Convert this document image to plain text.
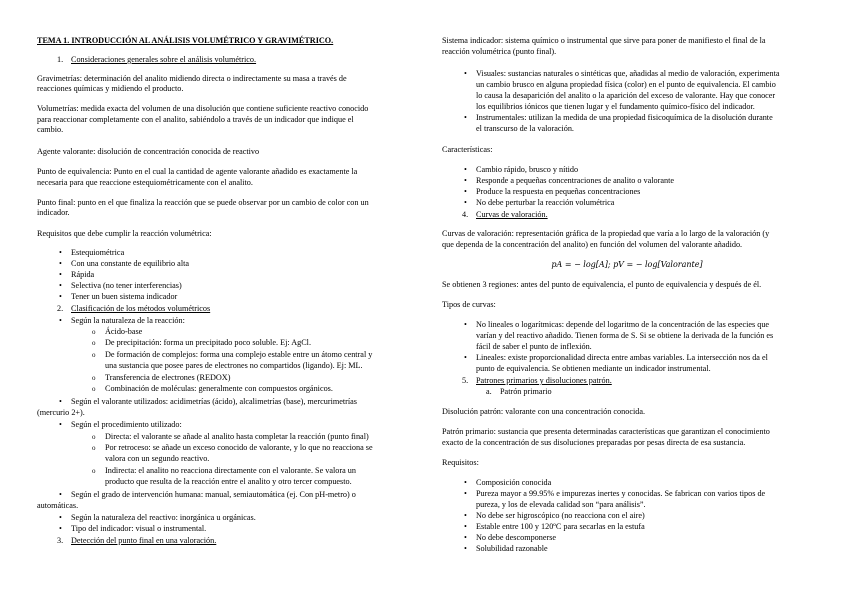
TEMA 1. INTRODUCCIÓN AL ANÁLISIS VOLUMÉTRICO Y GRAVIMÉTRICO.

1. Consideraciones generales sobre el análisis volumétrico.

Gravimetrías: determinación del analito midiendo directa o indirectamente su masa a través de

reacciones químicas y midiendo el producto.

Volumetrías: medida exacta del volumen de una disolución que contiene suficiente reactivo conocido

para reaccionar completamente con el analito, sabiéndolo a través de un indicador que indique el

cambio.

Agente valorante: disolución de concentración conocida de reactivo

Punto de equivalencia: Punto en el cual la cantidad de agente valorante añadido es exactamente la

necesaria para que reaccione estequiométricamente con el analito.

Punto final: punto en el que finaliza la reacción que se puede observar por un cambio de color con un

indicador.

Requisitos que debe cumplir la reacción volumétrica:

• Estequiométrica

• Con una constante de equilibrio alta

• Rápida

• Selectiva (no tener interferencias)

• Tener un buen sistema indicador

2. Clasificación de los métodos volumétricos

• Según la naturaleza de la reacción:

o Ácido-base

o De precipitación: forma un precipitado poco soluble. Ej: AgCl.

o De formación de complejos: forma una complejo estable entre un átomo central y

una sustancia que posee pares de electrones no compartidos (ligando). Ej: ML.

o Transferencia de electrones (REDOX)

o Combinación de moléculas: generalmente con compuestos orgánicos.

• Según el valorante utilizados: acidimetrías (ácido), alcalimetrías (base), mercurimetrías

(mercurio 2+).

• Según el procedimiento utilizado:

o Directa: el valorante se añade al analito hasta completar la reacción (punto final)

o Por retroceso: se añade un exceso conocido de valorante, y lo que no reacciona se

valora con un segundo reactivo.

o Indirecta: el analito no reacciona directamente con el valorante. Se valora un

producto que resulta de la reacción entre el analito y otro tercer compuesto.

• Según el grado de intervención humana: manual, semiautomática (ej. Con pH-metro) o

automáticas.

• Según la naturaleza del reactivo: inorgánica u orgánicas.

• Tipo del indicador: visual o instrumental.

3. Detección del punto final en una valoración.

Sistema indicador: sistema químico o instrumental que sirve para poner de manifiesto el final de la

reacción volumétrica (punto final).

• Visuales: sustancias naturales o sintéticas que, añadidas al medio de valoración, experimenta

un cambio brusco en alguna propiedad física (color) en el punto de equivalencia. El cambio

lo causa la desaparición del analito o la aparición del exceso de valorante. Hay que conocer

los equilibrios iónicos que tienen lugar y el fundamento químico-físico del indicador.

• Instrumentales: utilizan la medida de una propiedad fisicoquímica de la disolución durante

el transcurso de la valoración.

Características:

• Cambio rápido, brusco y nítido

• Responde a pequeñas concentraciones de analito o valorante

• Produce la respuesta en pequeñas concentraciones

• No debe perturbar la reacción volumétrica

4. Curvas de valoración.

Curvas de valoración: representación gráfica de la propiedad que varía a lo largo de la valoración (y

que dependa de la concentración del analito) en función del volumen del valorante añadido.

pA = − log[A]; pV = − log[Valorante]

Se obtienen 3 regiones: antes del punto de equivalencia, el punto de equivalencia y después de él.

Tipos de curvas:

• No lineales o logarítmicas: depende del logaritmo de la concentración de las especies que

varían y del reactivo añadido. Tienen forma de S. Si se obtiene la derivada de la función es

fácil de saber el punto de inflexión.

• Lineales: existe proporcionalidad directa entre ambas variables. La intersección nos da el

punto de equivalencia. Se obtienen mediante un indicador instrumental.

5. Patrones primarios y disoluciones patrón.

a. Patrón primario

Disolución patrón: valorante con una concentración conocida.

Patrón primario: sustancia que presenta determinadas características que garantizan el conocimiento

exacto de la concentración de sus disoluciones preparadas por pesas directa de esa sustancia.

Requisitos:

• Composición conocida

• Pureza mayor a 99.95% e impurezas inertes y conocidas. Se fabrican con varios tipos de

pureza, y los de elevada calidad son “para análisis”.

• No debe ser higroscópico (no reacciona con el aire)

• Estable entre 100 y 120ºC para secarlas en la estufa

• No debe descomponerse

• Solubilidad razonable
